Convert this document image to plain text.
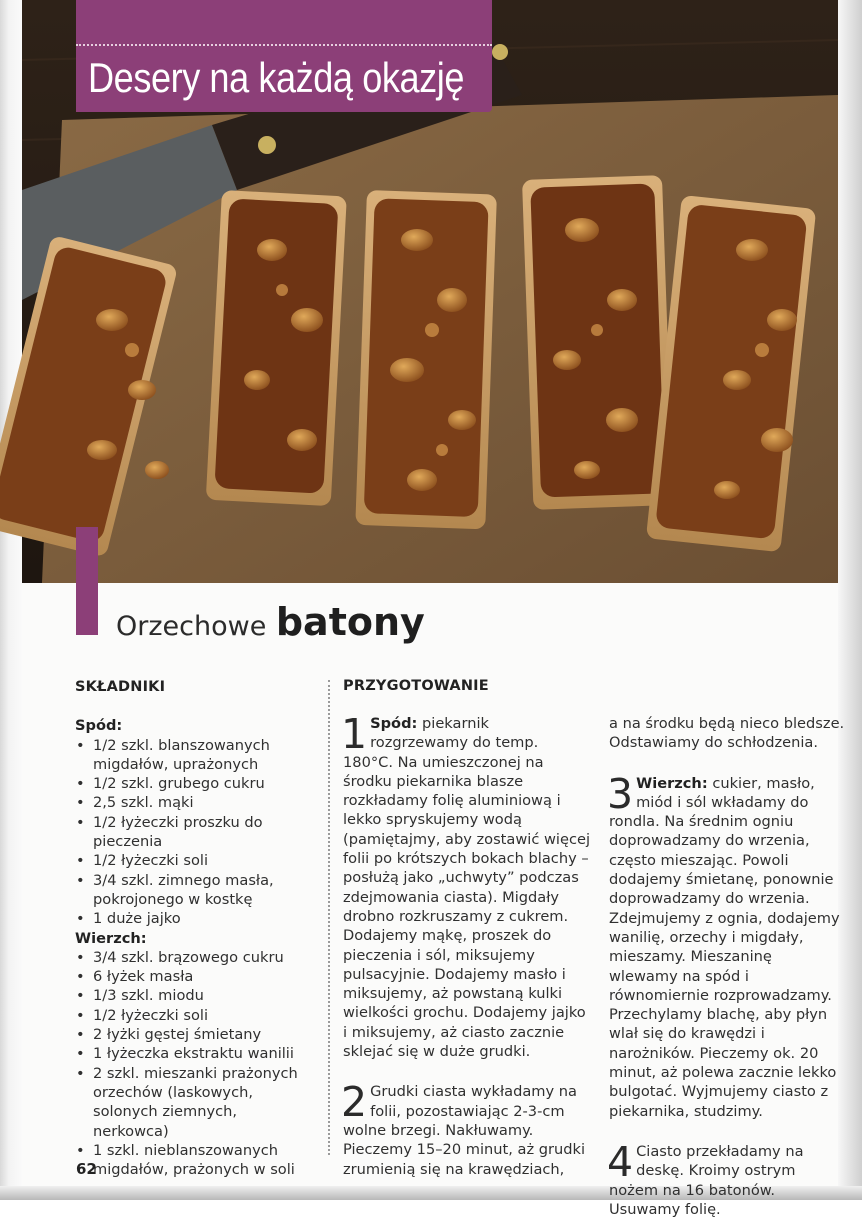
Desery na każdą okazję
Orzechowe batony
SKŁADNIKI
Spód:
• 1/2 szkl. blanszowanych migdałów, uprażonych
• 1/2 szkl. grubego cukru
• 2,5 szkl. mąki
• 1/2 łyżeczki proszku do pieczenia
• 1/2 łyżeczki soli
• 3/4 szkl. zimnego masła, pokrojonego w kostkę
• 1 duże jajko
Wierzch:
• 3/4 szkl. brązowego cukru
• 6 łyżek masła
• 1/3 szkl. miodu
• 1/2 łyżeczki soli
• 2 łyżki gęstej śmietany
• 1 łyżeczka ekstraktu wanilii
• 2 szkl. mieszanki prażonych orzechów (laskowych, solonych ziemnych, nerkowca)
• 1 szkl. nieblanszowanych migdałów, prażonych w soli
PRZYGOTOWANIE

1 Spód: piekarnik rozgrzewamy do temp. 180°C. Na umieszczonej na środku piekarnika blasze rozkładamy folię aluminiową i lekko spryskujemy wodą (pamiętajmy, aby zostawić więcej folii po krótszych bokach blachy – posłużą jako „uchwyty” podczas zdejmowania ciasta). Migdały drobno rozkruszamy z cukrem. Dodajemy mąkę, proszek do pieczenia i sól, miksujemy pulsacyjnie. Dodajemy masło i miksujemy, aż powstaną kulki wielkości grochu. Dodajemy jajko i miksujemy, aż ciasto zacznie sklejać się w duże grudki.

2 Grudki ciasta wykładamy na folii, pozostawiając 2-3-cm wolne brzegi. Nakłuwamy. Pieczemy 15–20 minut, aż grudki zrumienią się na krawędziach,

a na środku będą nieco bledsze. Odstawiamy do schłodzenia.

3 Wierzch: cukier, masło, miód i sól wkładamy do rondla. Na średnim ogniu doprowadzamy do wrzenia, często mieszając. Powoli dodajemy śmietanę, ponownie doprowadzamy do wrzenia. Zdejmujemy z ognia, dodajemy wanilię, orzechy i migdały, mieszamy. Mieszaninę wlewamy na spód i równomiernie rozprowadzamy. Przechylamy blachę, aby płyn wlał się do krawędzi i narożników. Pieczemy ok. 20 minut, aż polewa zacznie lekko bulgotać. Wyjmujemy ciasto z piekarnika, studzimy.

4 Ciasto przekładamy na deskę. Kroimy ostrym nożem na 16 batonów. Usuwamy folię.

62
